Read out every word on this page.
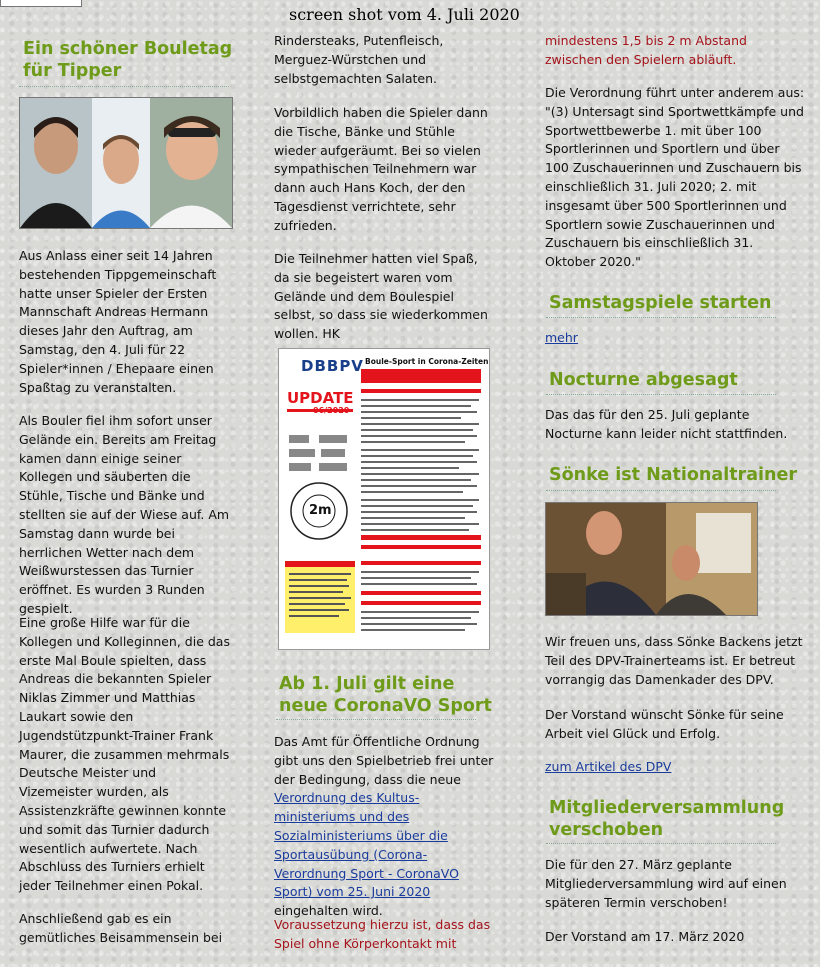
screen shot vom 4. Juli 2020
Ein schöner Bouletag für Tipper

Aus Anlass einer seit 14 Jahren bestehenden Tippgemeinschaft hatte unser Spieler der Ersten Mannschaft Andreas Hermann dieses Jahr den Auftrag, am Samstag, den 4. Juli für 22 Spieler*innen / Ehepaare einen Spaßtag zu veranstalten.

Als Bouler fiel ihm sofort unser Gelände ein. Bereits am Freitag kamen dann einige seiner Kollegen und säuberten die Stühle, Tische und Bänke und stellten sie auf der Wiese auf. Am Samstag dann wurde bei herrlichen Wetter nach dem Weißwurstessen das Turnier eröffnet. Es wurden 3 Runden gespielt.

Eine große Hilfe war für die Kollegen und Kolleginnen, die das erste Mal Boule spielten, dass Andreas die bekannten Spieler Niklas Zimmer und Matthias Laukart sowie den Jugendstützpunkt-Trainer Frank Maurer, die zusammen mehrmals Deutsche Meister und Vizemeister wurden, als Assistenzkräfte gewinnen konnte und somit das Turnier dadurch wesentlich aufwertete. Nach Abschluss des Turniers erhielt jeder Teilnehmer einen Pokal.

Anschließend gab es ein gemütliches Beisammensein bei

Rindersteaks, Putenfleisch, Merguez-Würstchen und selbstgemachten Salaten.

Vorbildlich haben die Spieler dann die Tische, Bänke und Stühle wieder aufgeräumt. Bei so vielen sympathischen Teilnehmern war dann auch Hans Koch, der den Tagesdienst verrichtete, sehr zufrieden.

Die Teilnehmer hatten viel Spaß, da sie begeistert waren vom Gelände und dem Boulespiel selbst, so dass sie wiederkommen wollen. HK

DBBPV Boule-Sport in Corona-Zeiten
UPDATE
06/2020
2m
Ab 1. Juli gilt eine neue CoronaVO Sport

Das Amt für Öffentliche Ordnung gibt uns den Spielbetrieb frei unter der Bedingung, dass die neue Verordnung des Kultus-ministeriums und des Sozialministeriums über die Sportausübung (Corona-Verordnung Sport - CoronaVO Sport) vom 25. Juni 2020 eingehalten wird.

Voraussetzung hierzu ist, dass das Spiel ohne Körperkontakt mit

mindestens 1,5 bis 2 m Abstand zwischen den Spielern abläuft.

Die Verordnung führt unter anderem aus: "(3) Untersagt sind Sportwettkämpfe und Sportwettbewerbe 1. mit über 100 Sportlerinnen und Sportlern und über 100 Zuschauerinnen und Zuschauern bis einschließlich 31. Juli 2020; 2. mit insgesamt über 500 Sportlerinnen und Sportlern sowie Zuschauerinnen und Zuschauern bis einschließlich 31. Oktober 2020."

Samstagspiele starten
mehr
Nocturne abgesagt

Das das für den 25. Juli geplante Nocturne kann leider nicht stattfinden.

Sönke ist Nationaltrainer

Wir freuen uns, dass Sönke Backens jetzt Teil des DPV-Trainerteams ist. Er betreut vorrangig das Damenkader des DPV.

Der Vorstand wünscht Sönke für seine Arbeit viel Glück und Erfolg.

zum Artikel des DPV
Mitgliederversammlung verschoben

Die für den 27. März geplante Mitgliederversammlung wird auf einen späteren Termin verschoben!

Der Vorstand am 17. März 2020
